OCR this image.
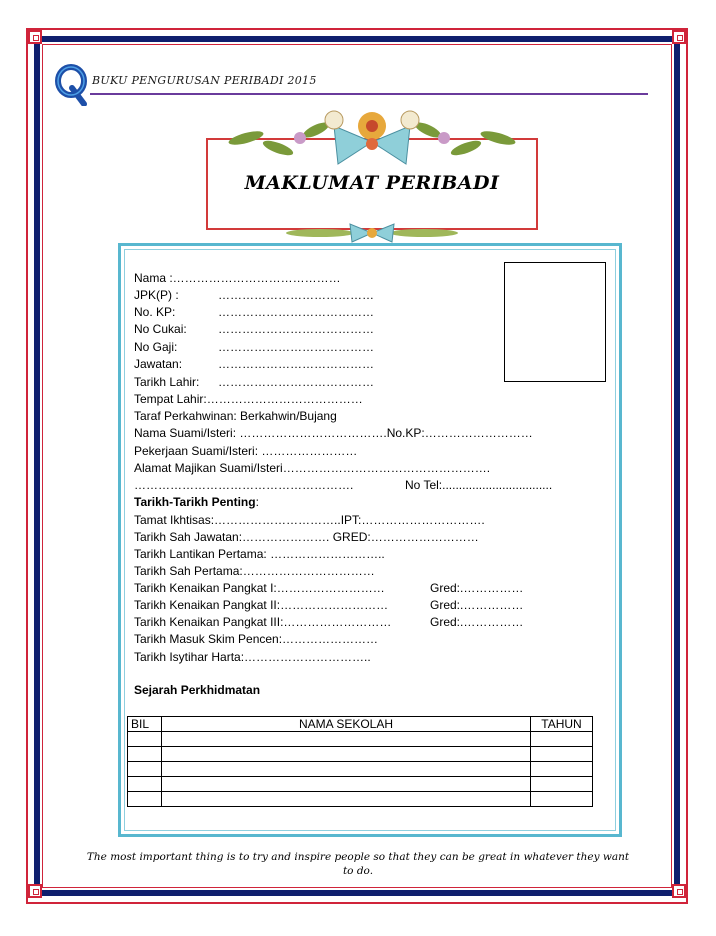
BUKU PENGURUSAN PERIBADI 2015
MAKLUMAT PERIBADI
Nama :……………………………………
JPK(P) :	…………………………………
No. KP:	…………………………………
No Cukai:	…………………………………
No Gaji:	…………………………………
Jawatan:	…………………………………
Tarikh Lahir: …………………………………
Tempat Lahir:…………………………………
Taraf Perkahwinan: Berkahwin/Bujang
Nama Suami/Isteri: ……………………………….No.KP:………………………
Pekerjaan Suami/Isteri: ……………………
Alamat Majikan Suami/Isteri…………………………………………….
……………………………………………….	No Tel:.................................
Tarikh-Tarikh Penting:
Tamat Ikhtisas:…………………………..IPT:………………………….
Tarikh Sah Jawatan:…………………. GRED:………………………
Tarikh Lantikan Pertama: ………………………..
Tarikh Sah Pertama:……………………………
Tarikh Kenaikan Pangkat I:………………………	Gred:.……………
Tarikh Kenaikan Pangkat II:………………………	Gred:.……………
Tarikh Kenaikan Pangkat III:………………………	Gred:.……………
Tarikh Masuk Skim Pencen:……………………
Tarikh Isytihar Harta:…………………………..
Sejarah Perkhidmatan
BIL	NAMA SEKOLAH	TAHUN

The most important thing is to try and inspire people so that they can be great in whatever they want to do.
